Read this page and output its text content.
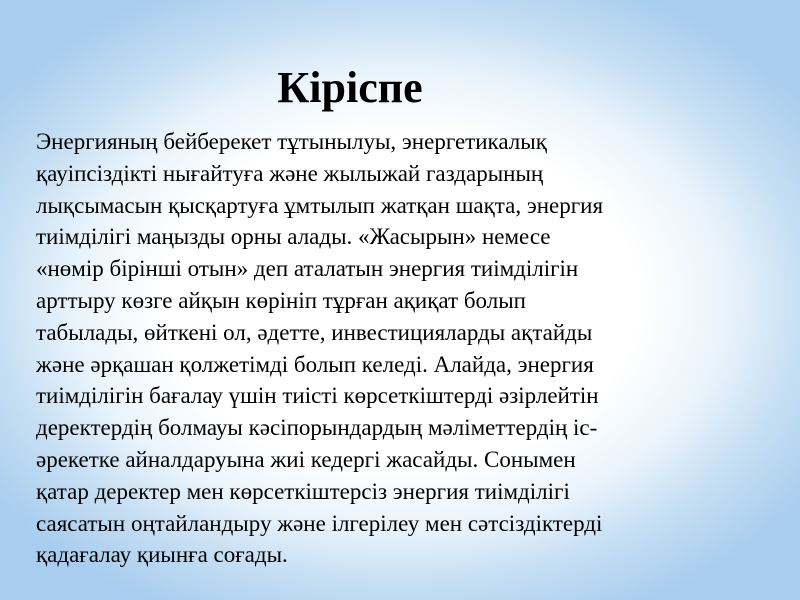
Кіріспе

Энергияның бейберекет тұтынылуы, энергетикалық
қауіпсіздікті нығайтуға және жылыжай газдарының
лықсымасын қысқартуға ұмтылып жатқан шақта, энергия
тиімділігі маңызды орны алады. «Жасырын» немесе
«нөмір бірінші отын» деп аталатын энергия тиімділігін
арттыру көзге айқын көрініп тұрған ақиқат болып
табылады, өйткені ол, әдетте, инвестицияларды ақтайды
және әрқашан қолжетімді болып келеді. Алайда, энергия
тиімділігін бағалау үшін тиісті көрсеткіштерді әзірлейтін
деректердің болмауы кәсіпорындардың мәліметтердің іс-
әрекетке айналдаруына жиі кедергі жасайды. Сонымен
қатар деректер мен көрсеткіштерсіз энергия тиімділігі
саясатын оңтайландыру және ілгерілеу мен сәтсіздіктерді
қадағалау қиынға соғады.
